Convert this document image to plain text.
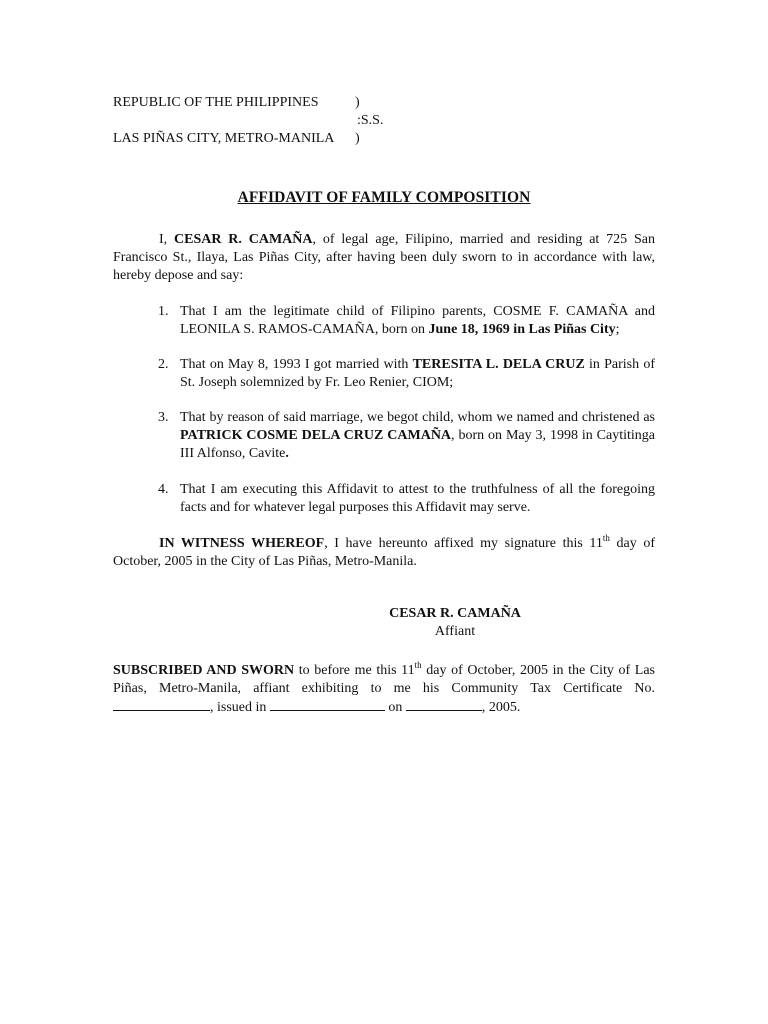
REPUBLIC OF THE PHILIPPINES	)
:S.S.
LAS PIÑAS CITY, METRO-MANILA )
AFFIDAVIT OF FAMILY COMPOSITION
I, CESAR R. CAMAÑA, of legal age, Filipino, married and residing at 725 San Francisco St., Ilaya, Las Piñas City, after having been duly sworn to in accordance with law, hereby depose and say:
1. That I am the legitimate child of Filipino parents, COSME F. CAMAÑA and LEONILA S. RAMOS-CAMAÑA, born on June 18, 1969 in Las Piñas City;
2. That on May 8, 1993 I got married with TERESITA L. DELA CRUZ in Parish of St. Joseph solemnized by Fr. Leo Renier, CIOM;
3. That by reason of said marriage, we begot child, whom we named and christened as PATRICK COSME DELA CRUZ CAMAÑA, born on May 3, 1998 in Caytitinga III Alfonso, Cavite.
4. That I am executing this Affidavit to attest to the truthfulness of all the foregoing facts and for whatever legal purposes this Affidavit may serve.
IN WITNESS WHEREOF, I have hereunto affixed my signature this 11th day of October, 2005 in the City of Las Piñas, Metro-Manila.
CESAR R. CAMAÑA
Affiant
SUBSCRIBED AND SWORN to before me this 11th day of October, 2005 in the City of Las Piñas, Metro-Manila, affiant exhibiting to me his Community Tax Certificate No. , issued in	on	, 2005.
